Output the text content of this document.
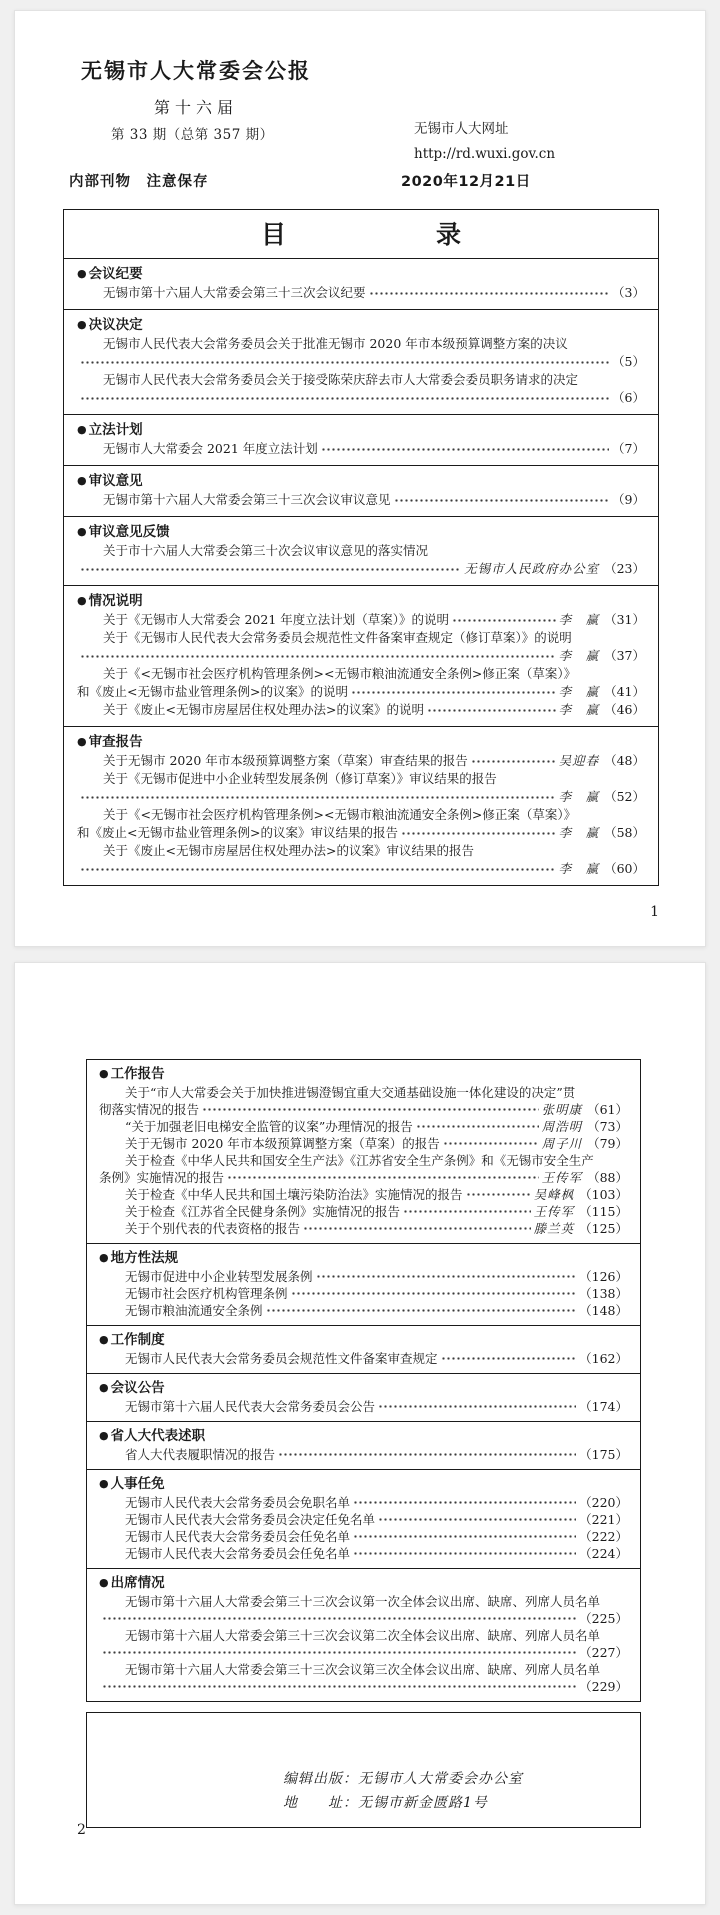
无锡市人大常委会公报
第十六届
第 33 期（总第 357 期）	无锡市人大网址
http://rd.wuxi.gov.cn
内部刊物　注意保存	2020年12月21日
目	录
● 会议纪要
无锡市第十六届人大常委会第三十三次会议纪要	（3）
● 决议决定
无锡市人民代表大会常务委员会关于批准无锡市 2020 年市本级预算调整方案的决议
（5）
无锡市人民代表大会常务委员会关于接受陈荣庆辞去市人大常委会委员职务请求的决定
（6）
● 立法计划
无锡市人大常委会 2021 年度立法计划	（7）
● 审议意见
无锡市第十六届人大常委会第三十三次会议审议意见	（9）
● 审议意见反馈
关于市十六届人大常委会第三十次会议审议意见的落实情况
无锡市人民政府办公室 （23）
● 情况说明
关于《无锡市人大常委会 2021 年度立法计划（草案）》的说明	李　赢 （31）
关于《无锡市人民代表大会常务委员会规范性文件备案审查规定（修订草案）》的说明
李　赢 （37）
关于《<无锡市社会医疗机构管理条例><无锡市粮油流通安全条例>修正案（草案）》
和《废止<无锡市盐业管理条例>的议案》的说明	李　赢 （41）
关于《废止<无锡市房屋居住权处理办法>的议案》的说明	李　赢 （46）
● 审查报告
关于无锡市 2020 年市本级预算调整方案（草案）审查结果的报告	吴迎春 （48）
关于《无锡市促进中小企业转型发展条例（修订草案）》审议结果的报告
李　赢 （52）
关于《<无锡市社会医疗机构管理条例><无锡市粮油流通安全条例>修正案（草案）》
和《废止<无锡市盐业管理条例>的议案》审议结果的报告	李　赢 （58）
关于《废止<无锡市房屋居住权处理办法>的议案》审议结果的报告
李　赢 （60）
1
● 工作报告
关于“市人大常委会关于加快推进锡澄锡宜重大交通基础设施一体化建设的决定”贯
彻落实情况的报告	张明康 （61）
“关于加强老旧电梯安全监管的议案”办理情况的报告	周浩明 （73）
关于无锡市 2020 年市本级预算调整方案（草案）的报告	周子川 （79）
关于检查《中华人民共和国安全生产法》《江苏省安全生产条例》和《无锡市安全生产
条例》实施情况的报告	王传军 （88）
关于检查《中华人民共和国土壤污染防治法》实施情况的报告	吴峰枫 （103）
关于检查《江苏省全民健身条例》实施情况的报告	王传军 （115）
关于个别代表的代表资格的报告	滕兰英 （125）
● 地方性法规
无锡市促进中小企业转型发展条例	（126）
无锡市社会医疗机构管理条例	（138）
无锡市粮油流通安全条例	（148）
● 工作制度
无锡市人民代表大会常务委员会规范性文件备案审查规定	（162）
● 会议公告
无锡市第十六届人民代表大会常务委员会公告	（174）
● 省人大代表述职
省人大代表履职情况的报告	（175）
● 人事任免
无锡市人民代表大会常务委员会免职名单	（220）
无锡市人民代表大会常务委员会决定任免名单	（221）
无锡市人民代表大会常务委员会任免名单	（222）
无锡市人民代表大会常务委员会任免名单	（224）
● 出席情况
无锡市第十六届人大常委会第三十三次会议第一次全体会议出席、缺席、列席人员名单
（225）
无锡市第十六届人大常委会第三十三次会议第二次全体会议出席、缺席、列席人员名单
（227）
无锡市第十六届人大常委会第三十三次会议第三次全体会议出席、缺席、列席人员名单
（229）
编辑出版：无锡市人大常委会办公室
地　　址：无锡市新金匮路1号
2
